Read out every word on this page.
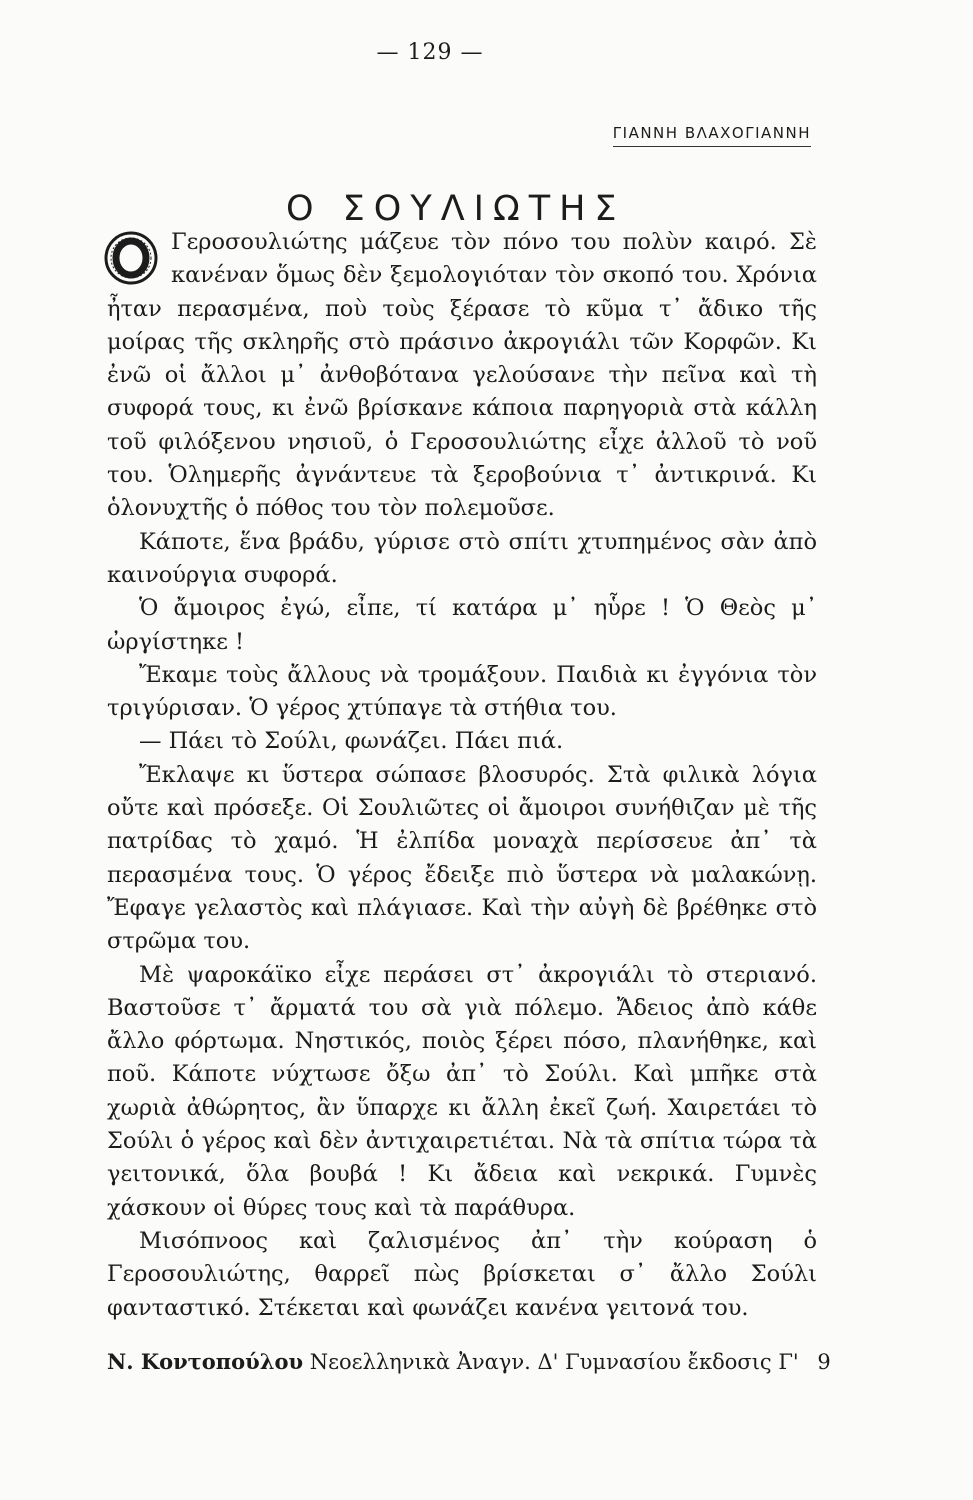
— 129 —
ΓΙΑΝΝΗ ΒΛΑΧΟΓΙΑΝΝΗ
Ο ΣΟΥΛΙΩΤΗΣ

Γεροσουλιώτης μάζευε τὸν πόνο του πολὺν καιρό. Σὲ κανέναν ὅμως δὲν ξεμολογιόταν τὸν σκοπό του. Χρόνια ἦταν περασμένα, ποὺ τοὺς ξέρασε τὸ κῦμα τ᾽ ἄδικο τῆς μοίρας τῆς σκληρῆς στὸ πράσινο ἀκρογιάλι τῶν Κορφῶν. Κι ἐνῶ οἱ ἄλλοι μ᾽ ἀνθοβότανα γελούσανε τὴν πεῖνα καὶ τὴ συφορά τους, κι ἐνῶ βρίσκανε κάποια παρηγοριὰ στὰ κάλλη τοῦ φιλόξενου νησιοῦ, ὁ Γεροσουλιώτης εἶχε ἀλλοῦ τὸ νοῦ του. Ὁλημερῆς ἀγνάντευε τὰ ξεροβούνια τ᾽ ἀντικρινά. Κι ὁλονυχτῆς ὁ πόθος του τὸν πολεμοῦσε.

Κάποτε, ἕνα βράδυ, γύρισε στὸ σπίτι χτυπημένος σὰν ἀπὸ καινούργια συφορά.

Ὁ ἄμοιρος ἐγώ, εἶπε, τί κατάρα μ᾽ ηὗρε ! Ὁ Θεὸς μ᾽ ὠργίστηκε !

Ἔκαμε τοὺς ἄλλους νὰ τρομάξουν. Παιδιὰ κι ἐγγόνια τὸν τριγύρισαν. Ὁ γέρος χτύπαγε τὰ στήθια του.

— Πάει τὸ Σούλι, φωνάζει. Πάει πιά.

Ἔκλαψε κι ὕστερα σώπασε βλοσυρός. Στὰ φιλικὰ λόγια οὔτε καὶ πρόσεξε. Οἱ Σουλιῶτες οἱ ἄμοιροι συνήθιζαν μὲ τῆς πατρίδας τὸ χαμό. Ἡ ἐλπίδα μοναχὰ περίσσευε ἀπ᾽ τὰ περασμένα τους. Ὁ γέρος ἔδειξε πιὸ ὕστερα νὰ μαλακώνῃ. Ἔφαγε γελαστὸς καὶ πλάγιασε. Καὶ τὴν αὐγὴ δὲ βρέθηκε στὸ στρῶμα του.

Μὲ ψαροκάϊκο εἶχε περάσει στ᾽ ἀκρογιάλι τὸ στεριανό. Βαστοῦσε τ᾽ ἄρματά του σὰ γιὰ πόλεμο. Ἄδειος ἀπὸ κάθε ἄλλο φόρτωμα. Νηστικός, ποιὸς ξέρει πόσο, πλανήθηκε, καὶ ποῦ. Κάποτε νύχτωσε ὄξω ἀπ᾽ τὸ Σούλι. Καὶ μπῆκε στὰ χωριὰ ἀθώρητος, ἂν ὕπαρχε κι ἄλλη ἐκεῖ ζωή. Χαιρετάει τὸ Σούλι ὁ γέρος καὶ δὲν ἀντιχαιρετιέται. Νὰ τὰ σπίτια τώρα τὰ γειτονικά, ὅλα βουβά ! Κι ἄδεια καὶ νεκρικά. Γυμνὲς χάσκουν οἱ θύρες τους καὶ τὰ παράθυρα.

Μισόπνοος καὶ ζαλισμένος ἀπ᾽ τὴν κούραση ὁ Γεροσουλιώτης, θαρρεῖ πὼς βρίσκεται σ᾽ ἄλλο Σούλι φανταστικό. Στέκεται καὶ φωνάζει κανένα γειτονά του.

Ν. Κοντοπούλου Νεοελληνικὰ Ἀναγν. Δ' Γυμνασίου ἔκδοσις Γ' 9
